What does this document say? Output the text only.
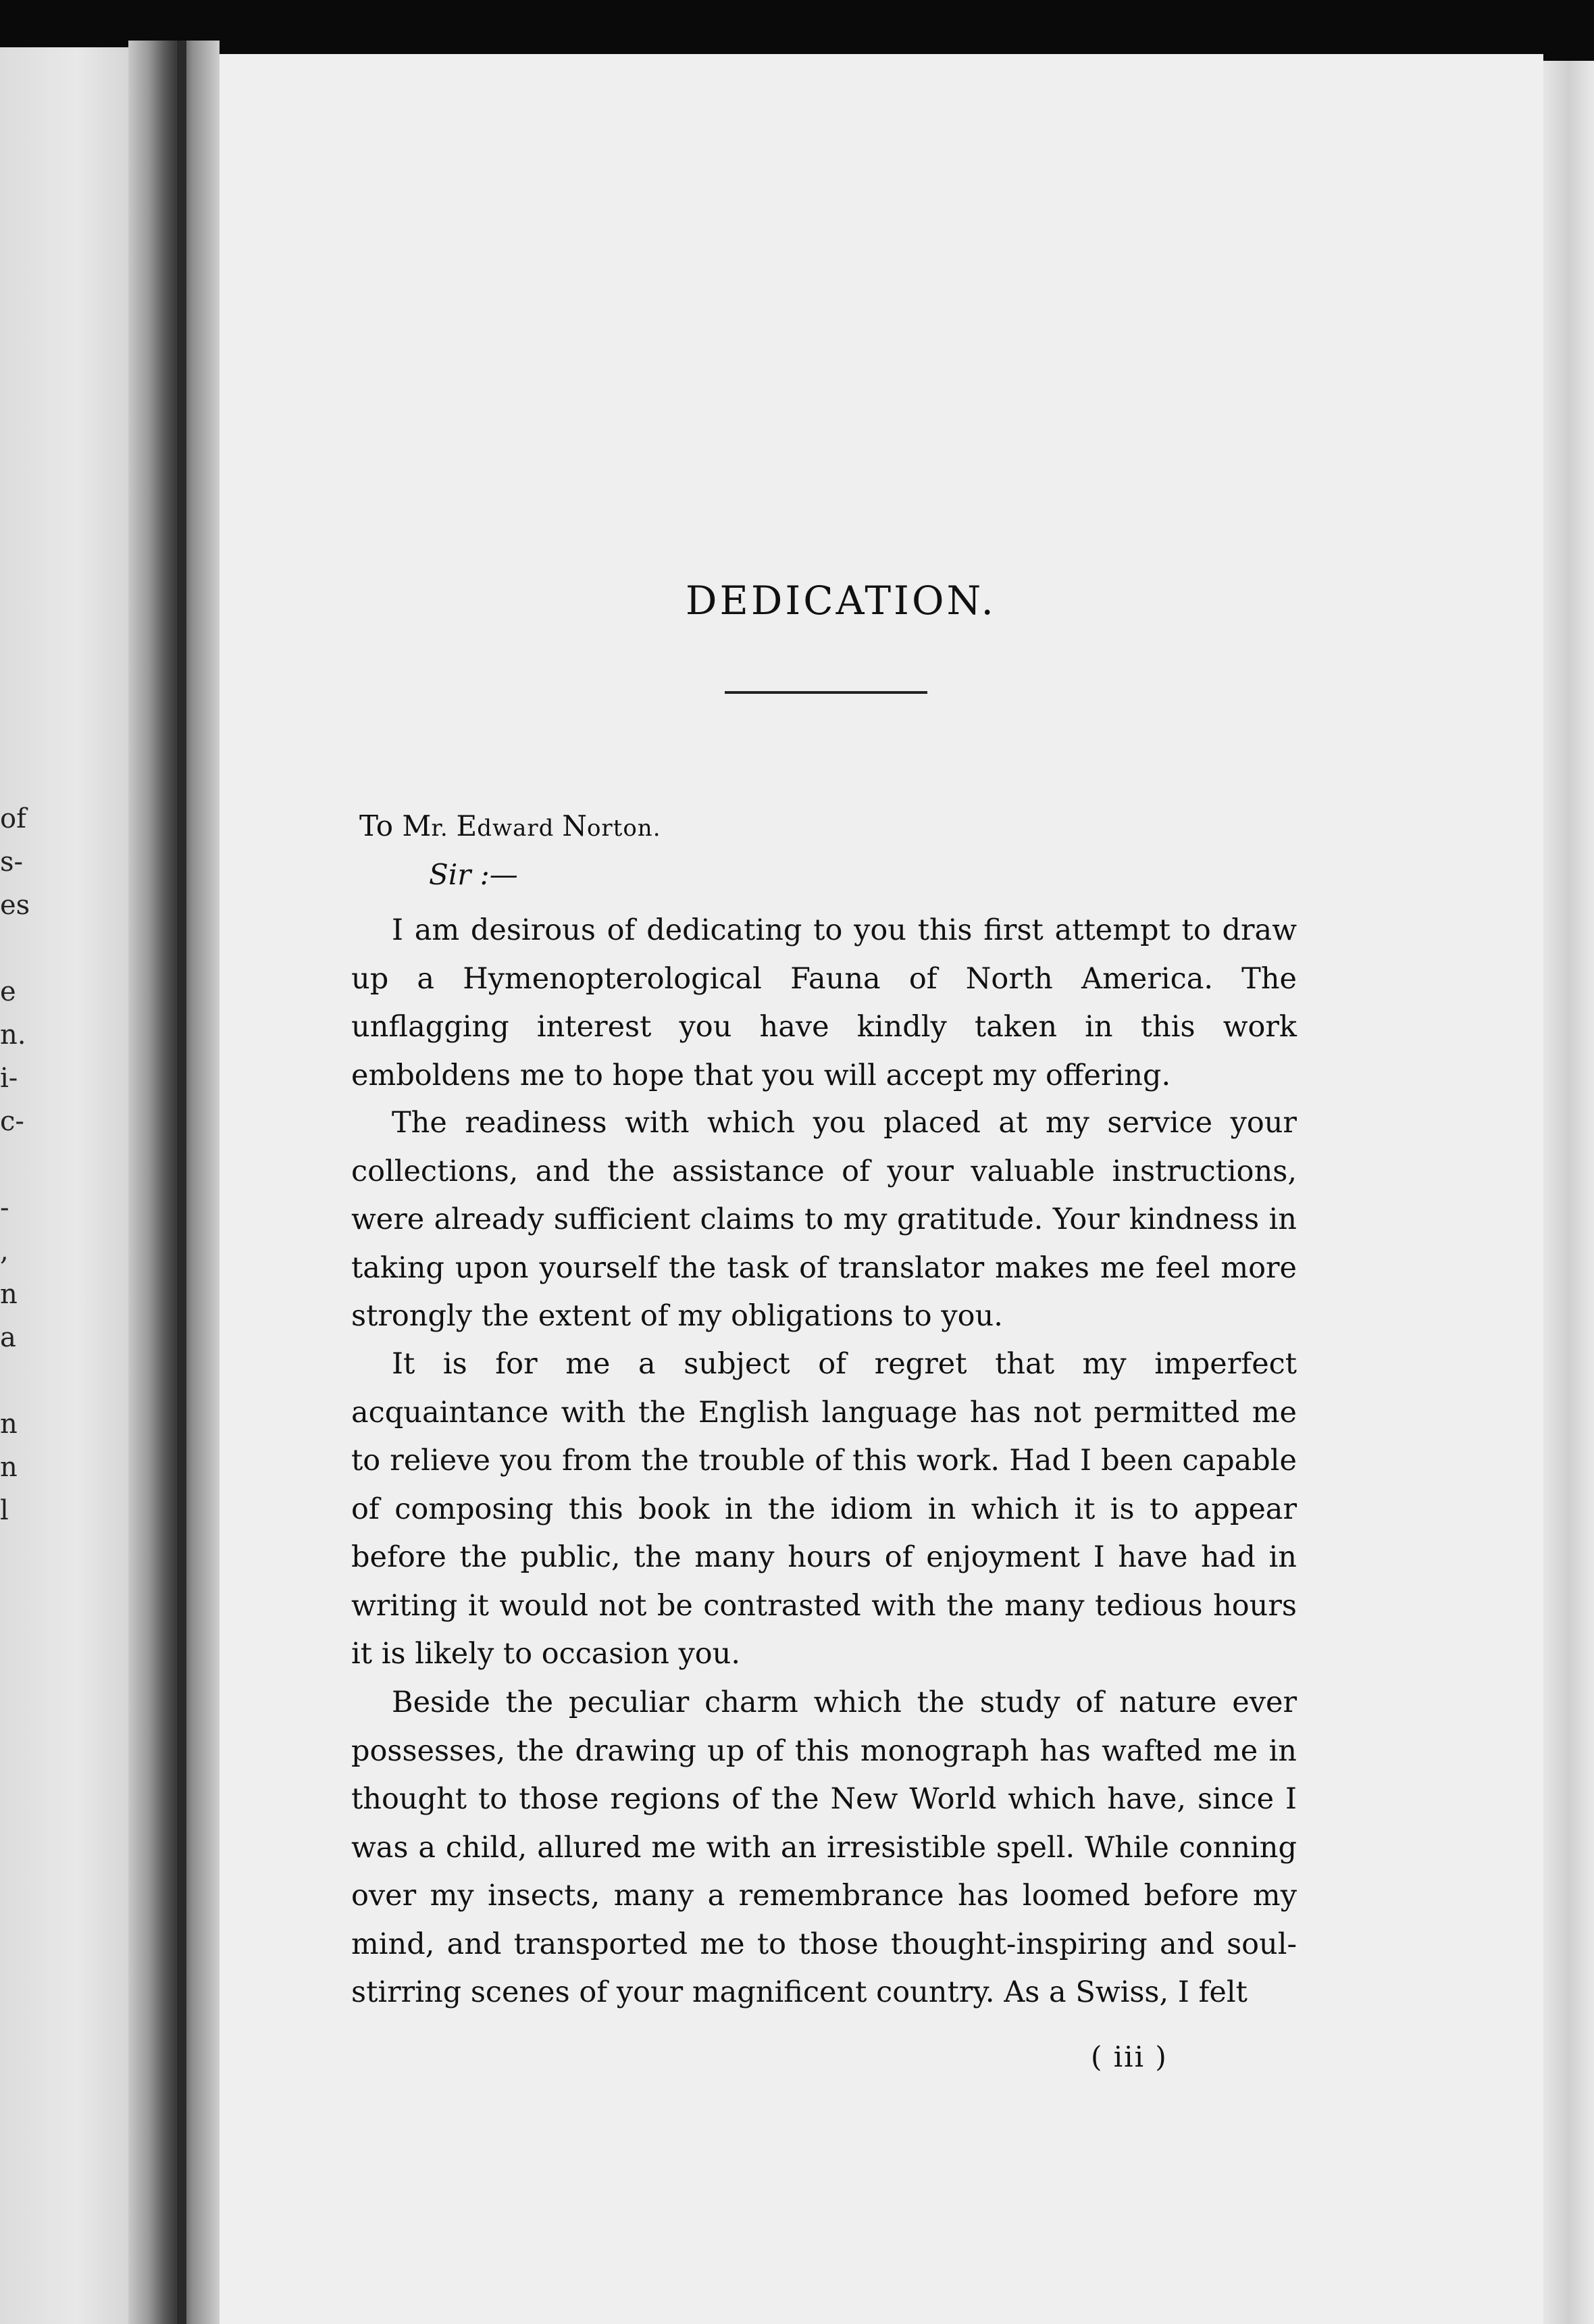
of
s-
es
e
n.
i-
c-
-
,
n
a
n
n
l
DEDICATION.
To Mr. Edward Norton.
Sir :—

I am desirous of dedicating to you this first attempt to draw up a Hymenopterological Fauna of North America. The unflagging interest you have kindly taken in this work emboldens me to hope that you will accept my offering.

The readiness with which you placed at my service your collections, and the assistance of your valuable instructions, were already sufficient claims to my gratitude. Your kindness in taking upon yourself the task of translator makes me feel more strongly the extent of my obligations to you.

It is for me a subject of regret that my imperfect acquaintance with the English language has not permitted me to relieve you from the trouble of this work. Had I been capable of composing this book in the idiom in which it is to appear before the public, the many hours of enjoyment I have had in writing it would not be contrasted with the many tedious hours it is likely to occasion you.

Beside the peculiar charm which the study of nature ever possesses, the drawing up of this monograph has wafted me in thought to those regions of the New World which have, since I was a child, allured me with an irresistible spell. While conning over my insects, many a remembrance has loomed before my mind, and transported me to those thought-inspiring and soul-stirring scenes of your magnificent country. As a Swiss, I felt

( iii )
